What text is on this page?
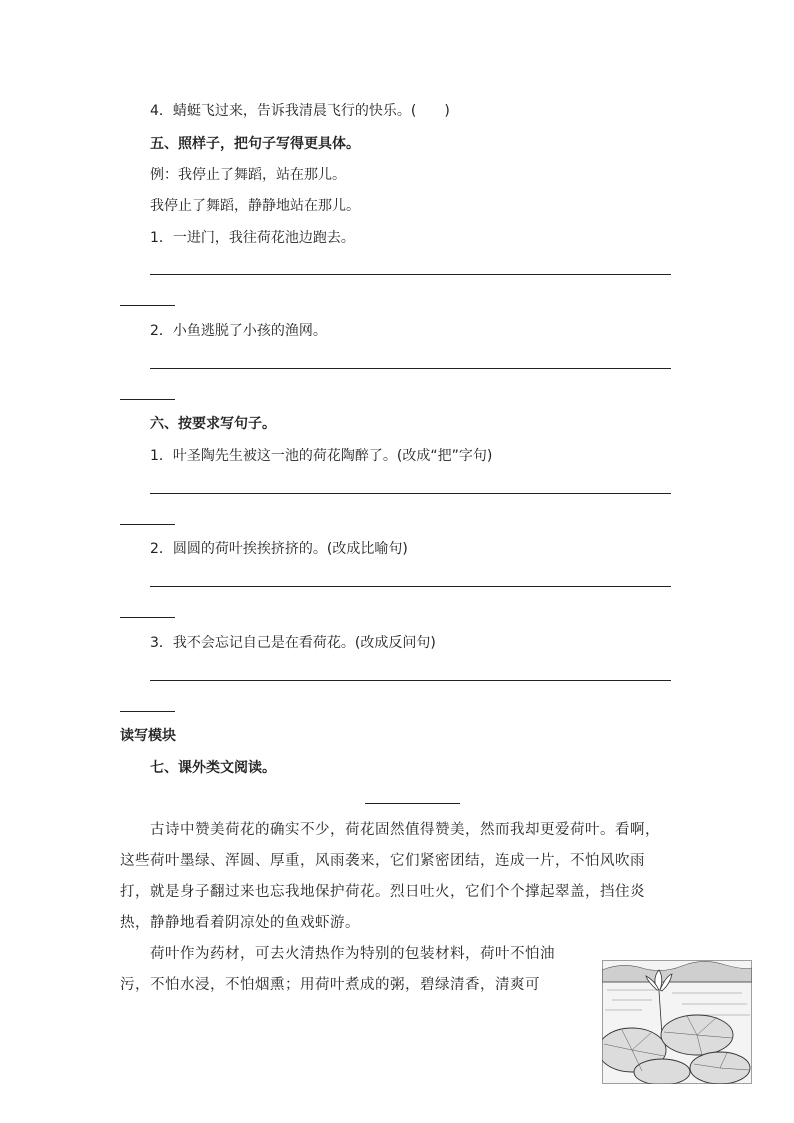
4．蜻蜓飞过来，告诉我清晨飞行的快乐。(　　)
五、照样子，把句子写得更具体。
例：我停止了舞蹈，站在那儿。
我停止了舞蹈，静静地站在那儿。
1．一进门，我往荷花池边跑去。
2．小鱼逃脱了小孩的渔网。
六、按要求写句子。
1．叶圣陶先生被这一池的荷花陶醉了。(改成“把”字句)
2．圆圆的荷叶挨挨挤挤的。(改成比喻句)
3．我不会忘记自己是在看荷花。(改成反问句)
读写模块
七、课外类文阅读。
古诗中赞美荷花的确实不少，荷花固然值得赞美，然而我却更爱荷叶。看啊，
这些荷叶墨绿、浑圆、厚重，风雨袭来，它们紧密团结，连成一片，不怕风吹雨
打，就是身子翻过来也忘我地保护荷花。烈日吐火，它们个个撑起翠盖，挡住炎
热，静静地看着阴凉处的鱼戏虾游。
荷叶作为药材，可去火清热作为特别的包装材料，荷叶不怕油
污，不怕水浸，不怕烟熏；用荷叶煮成的粥，碧绿清香，清爽可
